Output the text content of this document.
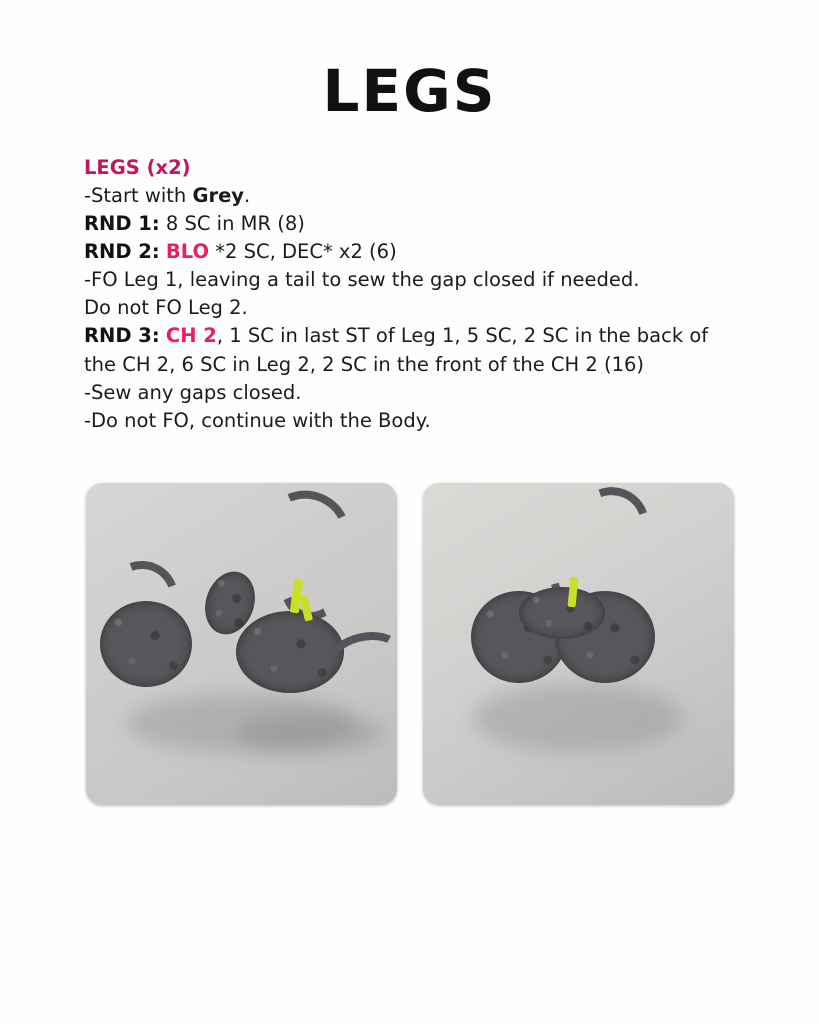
LEGS

LEGS (x2)

-Start with Grey.

RND 1: 8 SC in MR (8)

RND 2: BLO *2 SC, DEC* x2 (6)

-FO Leg 1, leaving a tail to sew the gap closed if needed.

Do not FO Leg 2.

RND 3: CH 2, 1 SC in last ST of Leg 1, 5 SC, 2 SC in the back of the CH 2, 6 SC in Leg 2, 2 SC in the front of the CH 2 (16)

-Sew any gaps closed.

-Do not FO, continue with the Body.
